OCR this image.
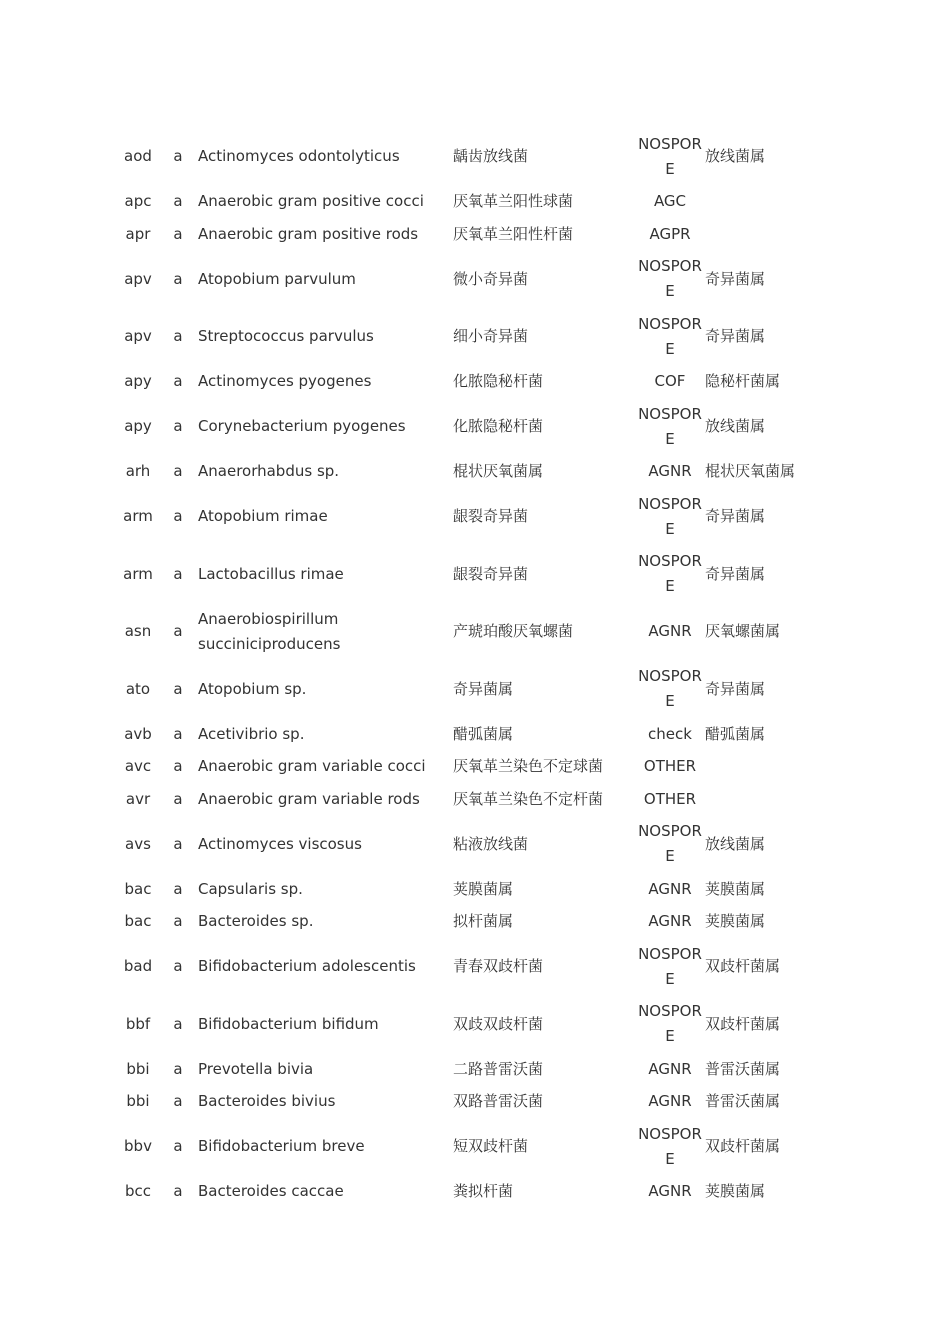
aod	a	Actinomyces odontolyticus	龋齿放线菌	NOSPORE	放线菌属
apc	a	Anaerobic gram positive cocci	厌氧革兰阳性球菌	AGC	
apr	a	Anaerobic gram positive rods	厌氧革兰阳性杆菌	AGPR	
apv	a	Atopobium parvulum	微小奇异菌	NOSPORE	奇异菌属
apv	a	Streptococcus parvulus	细小奇异菌	NOSPORE	奇异菌属
apy	a	Actinomyces pyogenes	化脓隐秘杆菌	COF	隐秘杆菌属
apy	a	Corynebacterium pyogenes	化脓隐秘杆菌	NOSPORE	放线菌属
arh	a	Anaerorhabdus sp.	棍状厌氧菌属	AGNR	棍状厌氧菌属
arm	a	Atopobium rimae	龈裂奇异菌	NOSPORE	奇异菌属
arm	a	Lactobacillus rimae	龈裂奇异菌	NOSPORE	奇异菌属
asn	a	Anaerobiospirillum succiniciproducens	产琥珀酸厌氧螺菌	AGNR	厌氧螺菌属
ato	a	Atopobium sp.	奇异菌属	NOSPORE	奇异菌属
avb	a	Acetivibrio sp.	醋弧菌属	check	醋弧菌属
avc	a	Anaerobic gram variable cocci	厌氧革兰染色不定球菌	OTHER	
avr	a	Anaerobic gram variable rods	厌氧革兰染色不定杆菌	OTHER	
avs	a	Actinomyces viscosus	粘液放线菌	NOSPORE	放线菌属
bac	a	Capsularis sp.	荚膜菌属	AGNR	荚膜菌属
bac	a	Bacteroides sp.	拟杆菌属	AGNR	荚膜菌属
bad	a	Bifidobacterium adolescentis	青春双歧杆菌	NOSPORE	双歧杆菌属
bbf	a	Bifidobacterium bifidum	双歧双歧杆菌	NOSPORE	双歧杆菌属
bbi	a	Prevotella bivia	二路普雷沃菌	AGNR	普雷沃菌属
bbi	a	Bacteroides bivius	双路普雷沃菌	AGNR	普雷沃菌属
bbv	a	Bifidobacterium breve	短双歧杆菌	NOSPORE	双歧杆菌属
bcc	a	Bacteroides caccae	粪拟杆菌	AGNR	荚膜菌属
